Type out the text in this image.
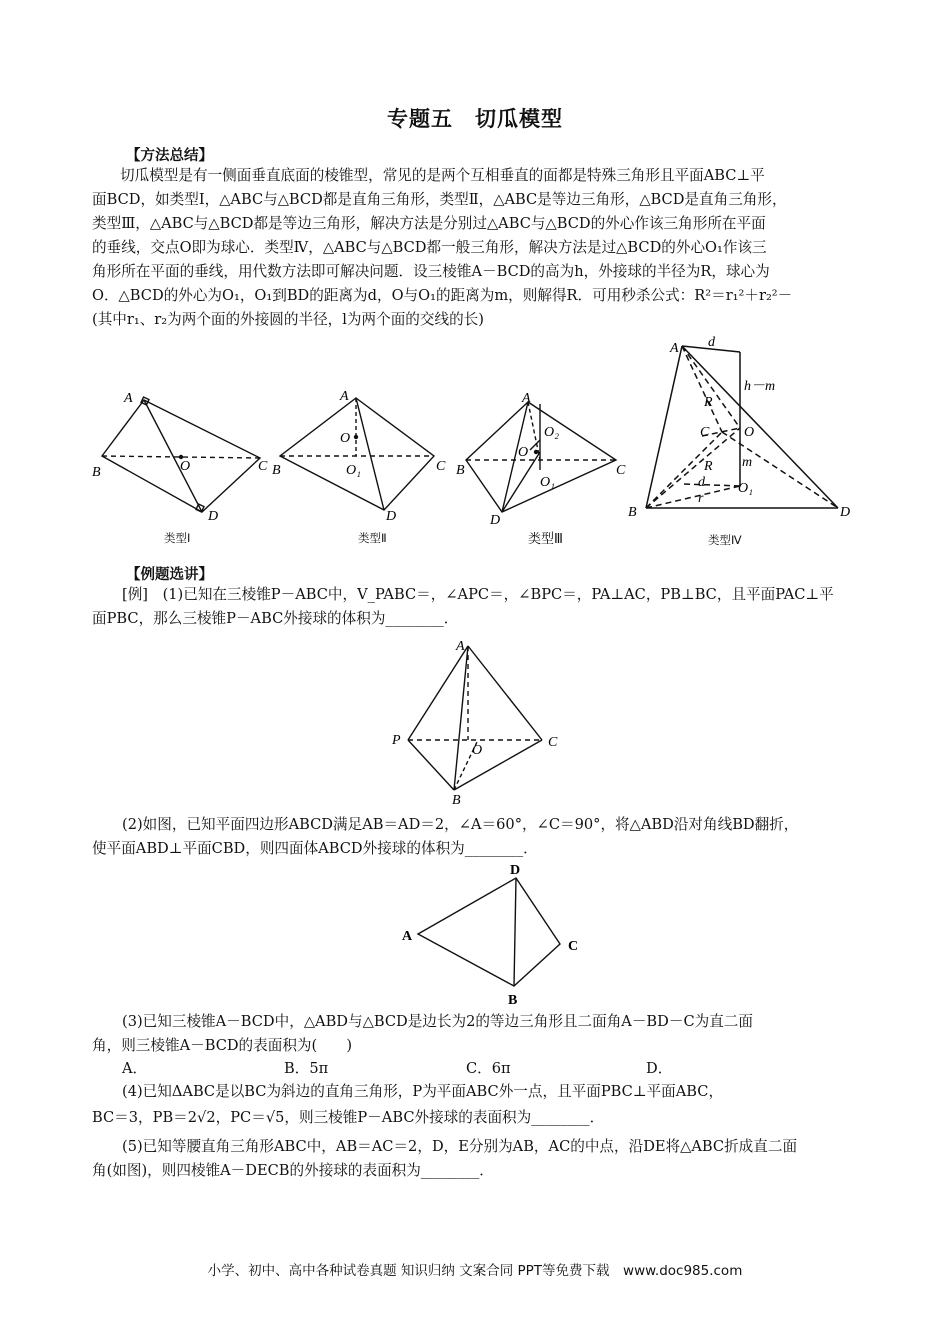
专题五　切瓜模型
【方法总结】
切瓜模型是有一侧面垂直底面的棱锥型，常见的是两个互相垂直的面都是特殊三角形且平面ABC⊥平
面BCD，如类型Ⅰ，△ABC与△BCD都是直角三角形，类型Ⅱ，△ABC是等边三角形，△BCD是直角三角形，
类型Ⅲ，△ABC与△BCD都是等边三角形，解决方法是分别过△ABC与△BCD的外心作该三角形所在平面
的垂线，交点O即为球心．类型Ⅳ，△ABC与△BCD都一般三角形，解决方法是过△BCD的外心O₁作该三
角形所在平面的垂线，用代数方法即可解决问题．设三棱锥A－BCD的高为h，外接球的半径为R，球心为
O．△BCD的外心为O₁，O₁到BD的距离为d，O与O₁的距离为m，则解得R．可用秒杀公式：R²＝r₁²＋r₂²－
(其中r₁、r₂为两个面的外接圆的半径，l为两个面的交线的长)
A
B	C
D
O
类型Ⅰ
A
B	C
D
O
O₁
类型Ⅱ
A
B	C
D
O
O₁
O₂
类型Ⅲ
A
B
C
D
O
O₁
d
h－m
R
R m
d
r
类型Ⅳ
【例题选讲】
[例]　(1)已知在三棱锥P－ABC中，V_PABC＝，∠APC＝，∠BPC＝，PA⊥AC，PB⊥BC，且平面PAC⊥平
面PBC，那么三棱锥P－ABC外接球的体积为________．
A
P	C
O
B
(2)如图，已知平面四边形ABCD满足AB＝AD＝2，∠A＝60°，∠C＝90°，将△ABD沿对角线BD翻折，
使平面ABD⊥平面CBD，则四面体ABCD外接球的体积为________．
D
A
C
B
(3)已知三棱锥A－BCD中，△ABD与△BCD是边长为2的等边三角形且二面角A－BD－C为直二面
角，则三棱锥A－BCD的表面积为(　　)
A．	B．5π	C．6π	D．
(4)已知ΔABC是以BC为斜边的直角三角形，P为平面ABC外一点，且平面PBC⊥平面ABC，
BC＝3，PB＝2√2，PC＝√5，则三棱锥P－ABC外接球的表面积为________．
(5)已知等腰直角三角形ABC中，AB＝AC＝2，D，E分别为AB，AC的中点，沿DE将△ABC折成直二面
角(如图)，则四棱锥A－DECB的外接球的表面积为________．
小学、初中、高中各种试卷真题 知识归纳 文案合同 PPT等免费下载　www.doc985.com
